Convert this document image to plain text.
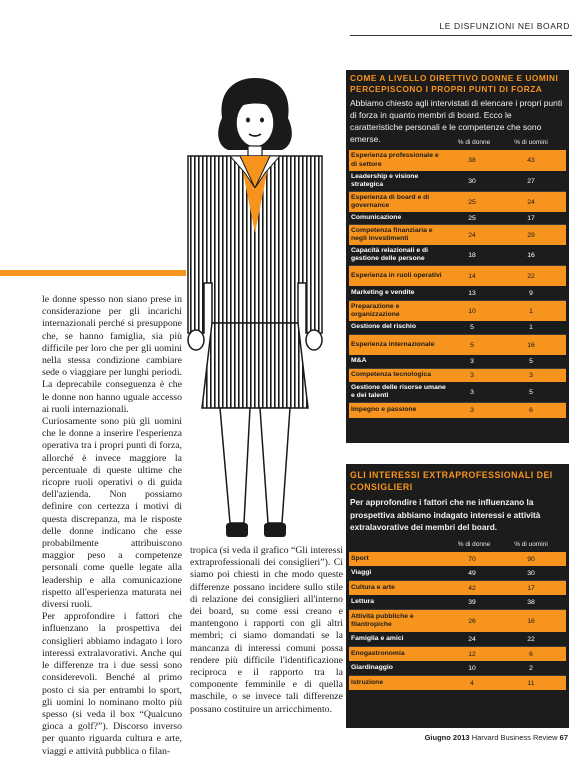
LE DISFUNZIONI NEI BOARD

le donne spesso non siano prese in considerazione per gli incarichi internazionali perché si presuppone che, se hanno famiglia, sia più difficile per loro che per gli uomini nella stessa condizione cambiare sede o viaggiare per lunghi periodi. La deprecabile conseguenza è che le donne non hanno uguale accesso ai ruoli internazionali.

Curiosamente sono più gli uomini che le donne a inserire l'esperienza operativa tra i propri punti di forza, allorché è invece maggiore la percentuale di queste ultime che ricopre ruoli operativi o di guida dell'azienda. Non possiamo definire con certezza i motivi di questa discrepanza, ma le risposte delle donne indicano che esse probabilmente attribuiscono maggior peso a competenze personali come quelle legate alla leadership e alla comunicazione rispetto all'esperienza maturata nei diversi ruoli.

Per approfondire i fattori che influenzano la prospettiva dei consiglieri abbiamo indagato i loro interessi extralavorativi. Anche qui le differenze tra i due sessi sono considerevoli. Benché al primo posto ci sia per entrambi lo sport, gli uomini lo nominano molto più spesso (si veda il box “Qualcuno gioca a golf?”). Discorso inverso per quanto riguarda cultura e arte, viaggi e attività pubblica o filan-

tropica (si veda il grafico “Gli interessi extraprofessionali dei consiglieri”). Ci siamo poi chiesti in che modo queste differenze possano incidere sullo stile di relazione dei consiglieri all'interno dei board, su come essi creano e mantengono i rapporti con gli altri membri; ci siamo domandati se la mancanza di interessi comuni possa rendere più difficile l'identificazione reciproca e il rapporto tra la componente femminile e di quella maschile, o se invece tali differenze possano costituire un arricchimento.

COME A LIVELLO DIRETTIVO DONNE E UOMINI PERCEPISCONO I PROPRI PUNTI DI FORZA
Abbiamo chiesto agli intervistati di elencare i propri punti di forza in quanto membri di board. Ecco le caratteristiche personali e le competenze che sono emerse.	% di donne	% di uomini
Esperienza professionale e di settore	38	43
Leadership e visione strategica	30	27
Esperienza di board e di governance	25	24
Comunicazione	25	17
Competenza finanziaria e negli investimenti	24	29
Capacità relazionali e di gestione delle persone	18	16
Esperienza in ruoli operativi	14	22
Marketing e vendite	13	9
Preparazione e organizzazione	10	1
Gestione del rischio	5	1
Esperienza internazionale	5	16
M&A	3	5
Competenza tecnologica	3	3
Gestione delle risorse umane e dei talenti	3	5
Impegno e passione	3	6
GLI INTERESSI EXTRAPROFESSIONALI DEI CONSIGLIERI
Per approfondire i fattori che ne influenzano la prospettiva abbiamo indagato interessi e attività extralavorative dei membri del board.
% di donne	% di uomini
Sport	70	90
Viaggi	49	30
Cultura e arte	42	17
Lettura	39	38
Attività pubbliche e filantropiche	26	16
Famiglia e amici	24	22
Enogastronomia	12	6
Giardinaggio	10	2
Istruzione	4	11
Giugno 2013 Harvard Business Review 67
